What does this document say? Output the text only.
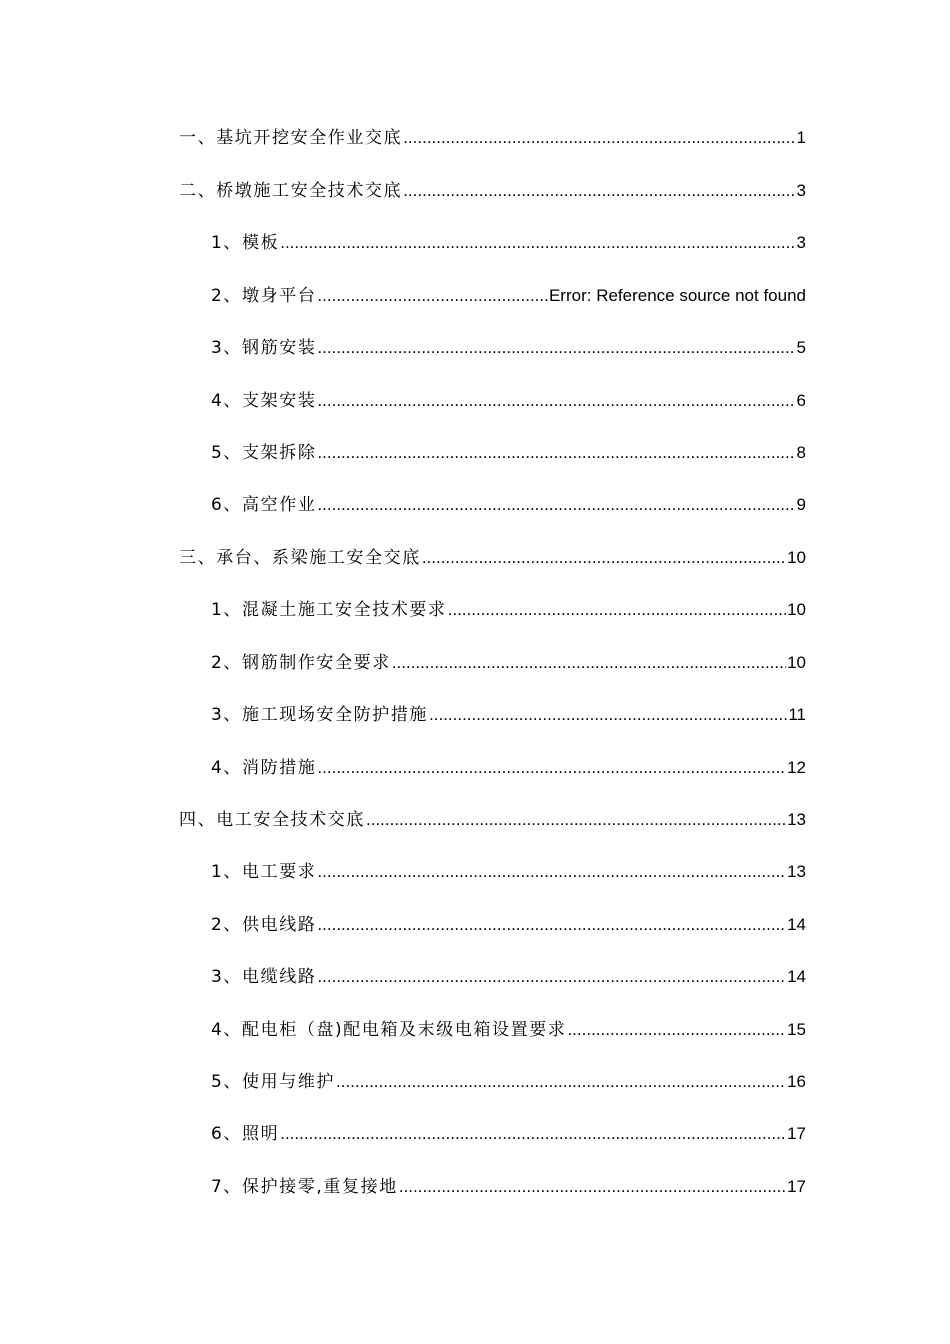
一、基坑开挖安全作业交底 .....	1
二、桥墩施工安全技术交底 .....	3
1、模板 .....	3
2、墩身平台 .....	Error: Reference source not found
3、钢筋安装 .....	5
4、支架安装 .....	6
5、支架拆除 .....	8
6、高空作业 .....	9
三、承台、系梁施工安全交底 .....	10
1、混凝土施工安全技术要求 .....	10
2、钢筋制作安全要求 .....	10
3、施工现场安全防护措施 .....	11
4、消防措施 .....	12
四、电工安全技术交底 .....	13
1、电工要求 .....	13
2、供电线路 .....	14
3、电缆线路 .....	14
4、配电柜（盘)配电箱及末级电箱设置要求 .....	15
5、使用与维护 .....	16
6、照明 .....	17
7、保护接零,重复接地 .....	17
